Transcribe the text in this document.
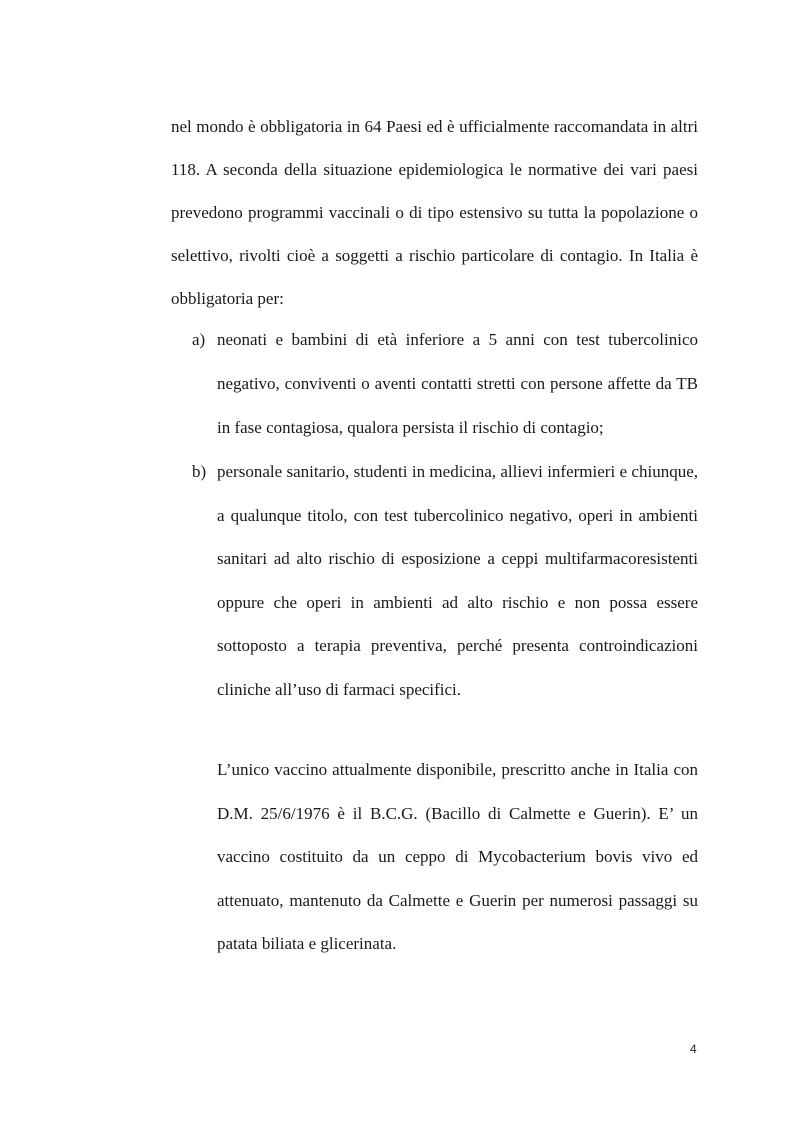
nel mondo è obbligatoria in 64 Paesi ed è ufficialmente raccomandata in altri 118. A seconda della situazione epidemiologica le normative dei vari paesi prevedono programmi vaccinali o di tipo estensivo su tutta la popolazione o selettivo, rivolti cioè a soggetti a rischio particolare di contagio. In Italia è obbligatoria per:

a) neonati e bambini di età inferiore a 5 anni con test tubercolinico negativo, conviventi o aventi contatti stretti con persone affette da TB in fase contagiosa, qualora persista il rischio di contagio;
b) personale sanitario, studenti in medicina, allievi infermieri e chiunque, a qualunque titolo, con test tubercolinico negativo, operi in ambienti sanitari ad alto rischio di esposizione a ceppi multifarmacoresistenti oppure che operi in ambienti ad alto rischio e non possa essere sottoposto a terapia preventiva, perché presenta controindicazioni cliniche all’uso di farmaci specifici.

L’unico vaccino attualmente disponibile, prescritto anche in Italia con D.M. 25/6/1976 è il B.C.G. (Bacillo di Calmette e Guerin). E’ un vaccino costituito da un ceppo di Mycobacterium bovis vivo ed attenuato, mantenuto da Calmette e Guerin per numerosi passaggi su patata biliata e glicerinata.

4
